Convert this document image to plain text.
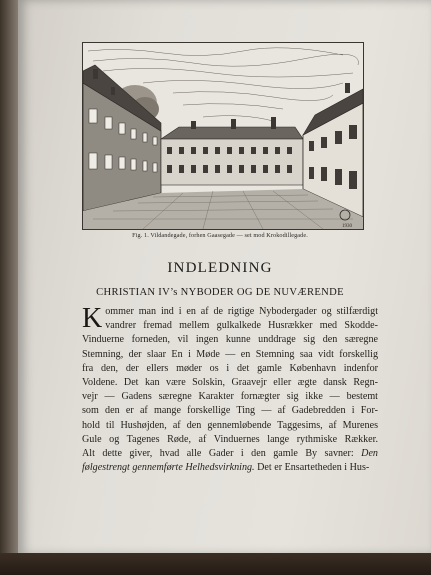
1930
Fig. 1. Vildandegade, forhen Gaasegade — set mod Krokodillegade.
INDLEDNING
CHRISTIAN IV’s NYBODER OG DE NUVÆRENDE
K ommer man ind i en af de rigtige Nybodergader og stilfærdigt
vandrer fremad mellem gulkalkede Husrækker med Skodde-
Vinduerne forneden, vil ingen kunne unddrage sig den særegne
Stemning, der slaar En i Møde — en Stemning saa vidt forskellig
fra den, der ellers møder os i det gamle København indenfor
Voldene. Det kan være Solskin, Graavejr eller ægte dansk Regn-
vejr — Gadens særegne Karakter fornægter sig ikke — bestemt
som den er af mange forskellige Ting — af Gadebredden i For-
hold til Hushøjden, af den gennemløbende Taggesims, af Murenes
Gule og Tagenes Røde, af Vinduernes lange rythmiske Rækker.
Alt dette giver, hvad alle Gader i den gamle By savner: Den
følgestrengt gennemførte Helhedsvirkning. Det er Ensartetheden i Hus-
